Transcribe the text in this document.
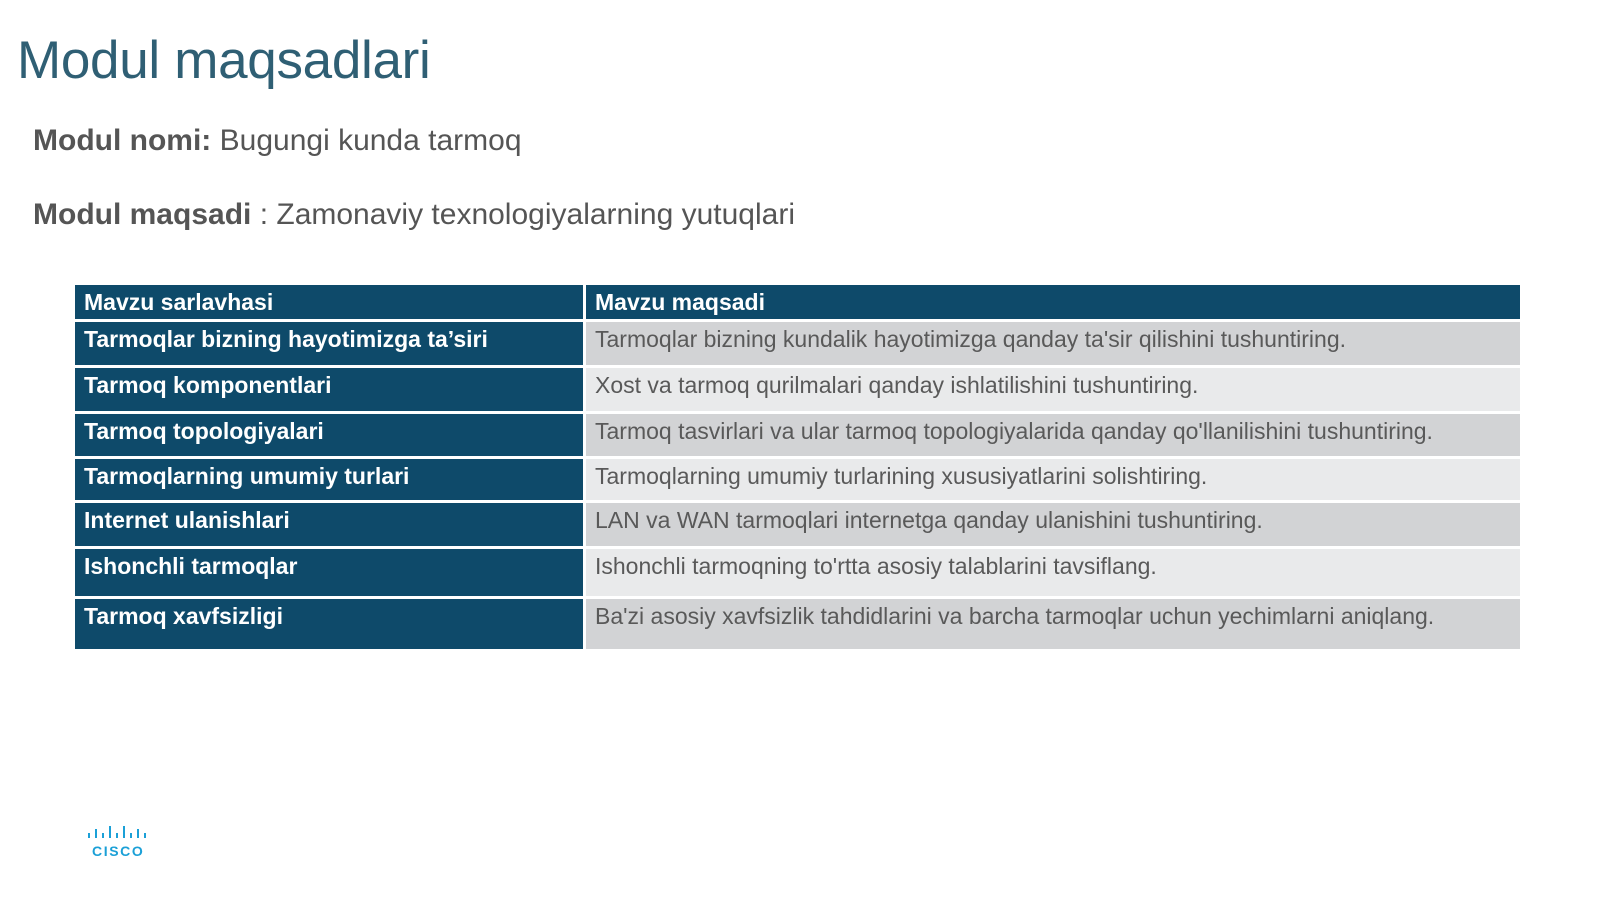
Modul maqsadlari
Modul nomi: Bugungi kunda tarmoq
Modul maqsadi : Zamonaviy texnologiyalarning yutuqlari
Mavzu sarlavhasi	Mavzu maqsadi
Tarmoqlar bizning hayotimizga ta’siri	Tarmoqlar bizning kundalik hayotimizga qanday ta'sir qilishini tushuntiring.
Tarmoq komponentlari	Xost va tarmoq qurilmalari qanday ishlatilishini tushuntiring.
Tarmoq topologiyalari	Tarmoq tasvirlari va ular tarmoq topologiyalarida qanday qo'llanilishini tushuntiring.
Tarmoqlarning umumiy turlari	Tarmoqlarning umumiy turlarining xususiyatlarini solishtiring.
Internet ulanishlari	LAN va WAN tarmoqlari internetga qanday ulanishini tushuntiring.
Ishonchli tarmoqlar	Ishonchli tarmoqning to'rtta asosiy talablarini tavsiflang.
Tarmoq xavfsizligi	Ba'zi asosiy xavfsizlik tahdidlarini va barcha tarmoqlar uchun yechimlarni aniqlang.
CISCO
